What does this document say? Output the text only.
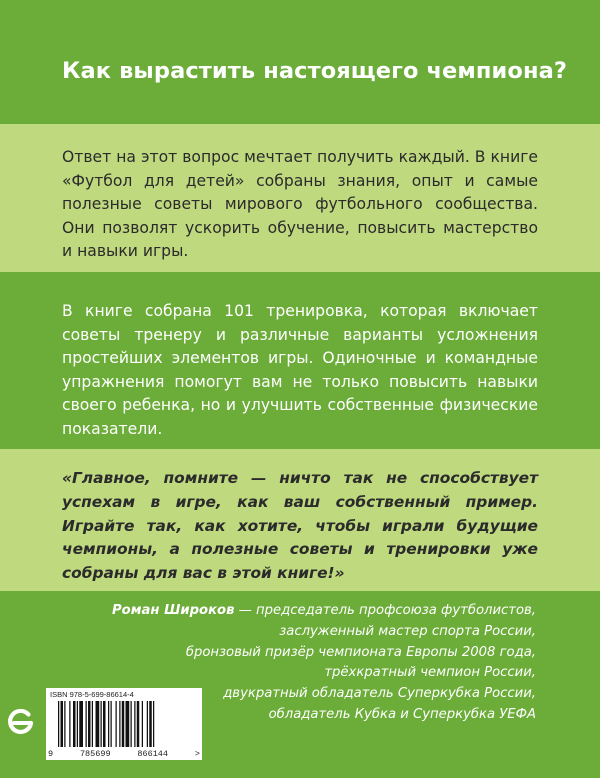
Как вырастить настоящего чемпиона?
Ответ на этот вопрос мечтает получить каждый. В книге «Футбол для детей» собраны знания, опыт и самые полезные советы мирового футбольного сообщества. Они позволят ускорить обучение, повысить мастерство и навыки игры.
В книге собрана 101 тренировка, которая включает советы тренеру и различные варианты усложнения простейших элементов игры. Одиночные и командные упражнения помогут вам не только повысить навыки своего ребенка, но и улучшить собственные физические показатели.
«Главное, помните — ничто так не способствует успехам в игре, как ваш собственный пример. Играйте так, как хотите, чтобы играли будущие чемпионы, а полезные советы и тренировки уже собраны для вас в этой книге!»
Роман Широков — председатель профсоюза футболистов,
заслуженный мастер спорта России,
бронзовый призёр чемпионата Европы 2008 года,
трёхкратный чемпион России,
двукратный обладатель Суперкубка России,
обладатель Кубка и Суперкубка УЕФА
ISBN 978-5-699-86614-4
9	785699	866144	>
